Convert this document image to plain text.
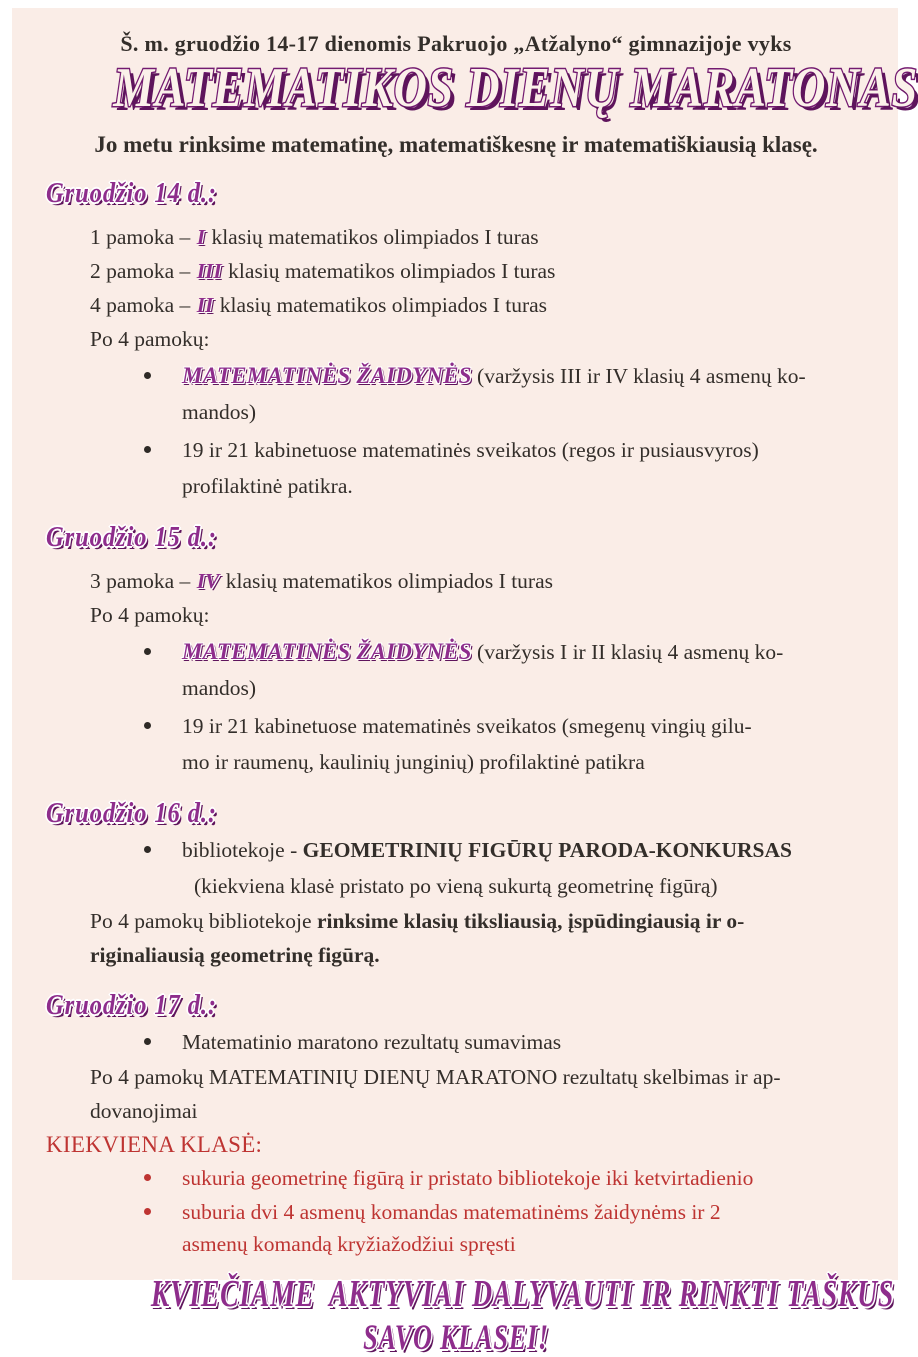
Š. m. gruodžio 14-17 dienomis Pakruojo „Atžalyno“ gimnazijoje vyks
MATEMATIKOS DIENŲ MARATONAS
Jo metu rinksime matematinę, matematiškesnę ir matematiškiausią klasę.
Gruodžio 14 d.:
1 pamoka – I klasių matematikos olimpiados I turas
2 pamoka – III klasių matematikos olimpiados I turas
4 pamoka – II klasių matematikos olimpiados I turas
Po 4 pamokų:
MATEMATINĖS ŽAIDYNĖS (varžysis III ir IV klasių 4 asmenų ko-
mandos)
19 ir 21 kabinetuose matematinės sveikatos (regos ir pusiausvyros)
profilaktinė patikra.
Gruodžio 15 d.:
3 pamoka – IV klasių matematikos olimpiados I turas
Po 4 pamokų:
MATEMATINĖS ŽAIDYNĖS (varžysis I ir II klasių 4 asmenų ko-
mandos)
19 ir 21 kabinetuose matematinės sveikatos (smegenų vingių gilu-
mo ir raumenų, kaulinių junginių) profilaktinė patikra
Gruodžio 16 d.:
bibliotekoje - GEOMETRINIŲ FIGŪRŲ PARODA-KONKURSAS
(kiekviena klasė pristato po vieną sukurtą geometrinę figūrą)
Po 4 pamokų bibliotekoje rinksime klasių tiksliausią, įspūdingiausią ir o-
riginaliausią geometrinę figūrą.
Gruodžio 17 d.:
Matematinio maratono rezultatų sumavimas
Po 4 pamokų MATEMATINIŲ DIENŲ MARATONO rezultatų skelbimas ir ap-
dovanojimai
KIEKVIENA KLASĖ:
sukuria geometrinę figūrą ir pristato bibliotekoje iki ketvirtadienio
suburia dvi 4 asmenų komandas matematinėms žaidynėms ir 2
asmenų komandą kryžiažodžiui spręsti
KVIEČIAME  AKTYVIAI DALYVAUTI IR RINKTI TAŠKUS
SAVO KLASEI!
